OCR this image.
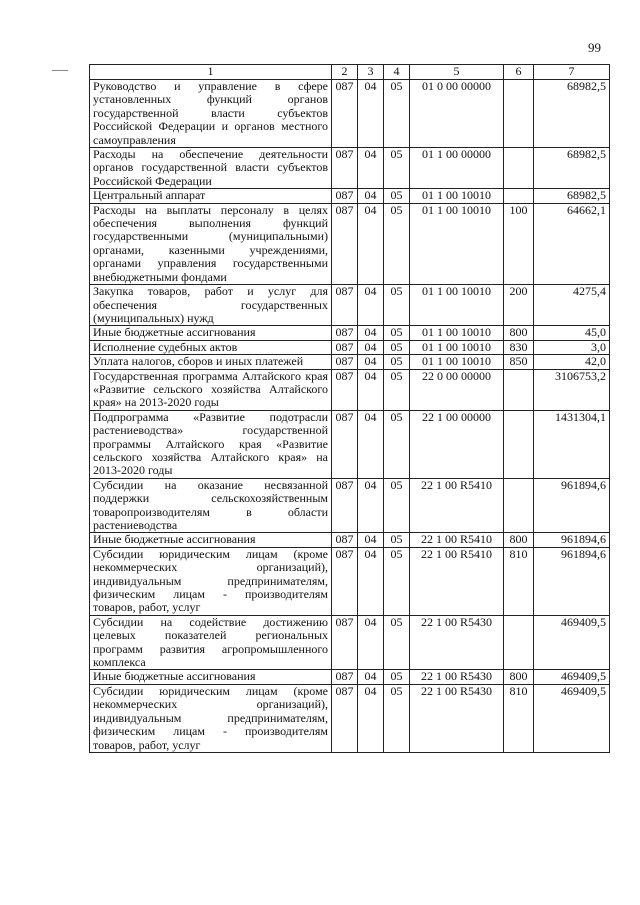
99
1	2	3	4	5	6	7
Руководство и управление в сфере установленных функций органов государственной власти субъектов Российской Федерации и органов местного самоуправления	087	04	05	01 0 00 00000		68982,5
Расходы на обеспечение деятельности органов государственной власти субъектов Российской Федерации	087	04	05	01 1 00 00000		68982,5
Центральный аппарат	087	04	05	01 1 00 10010		68982,5
Расходы на выплаты персоналу в целях обеспечения выполнения функций государственными (муниципальными) органами, казенными учреждениями, органами управления государственными внебюджетными фондами	087	04	05	01 1 00 10010	100	64662,1
Закупка товаров, работ и услуг для обеспечения государственных (муниципальных) нужд	087	04	05	01 1 00 10010	200	4275,4
Иные бюджетные ассигнования	087	04	05	01 1 00 10010	800	45,0
Исполнение судебных актов	087	04	05	01 1 00 10010	830	3,0
Уплата налогов, сборов и иных платежей	087	04	05	01 1 00 10010	850	42,0
Государственная программа Алтайского края «Развитие сельского хозяйства Алтайского края» на 2013-2020 годы	087	04	05	22 0 00 00000		3106753,2
Подпрограмма «Развитие подотрасли растениеводства» государственной программы Алтайского края «Развитие сельского хозяйства Алтайского края» на 2013-2020 годы	087	04	05	22 1 00 00000		1431304,1
Субсидии на оказание несвязанной поддержки сельскохозяйственным товаропроизводителям в области растениеводства	087	04	05	22 1 00 R5410		961894,6
Иные бюджетные ассигнования	087	04	05	22 1 00 R5410	800	961894,6
Субсидии юридическим лицам (кроме некоммерческих организаций), индивидуальным предпринимателям, физическим лицам - производителям товаров, работ, услуг	087	04	05	22 1 00 R5410	810	961894,6
Субсидии на содействие достижению целевых показателей региональных программ развития агропромышленного комплекса	087	04	05	22 1 00 R5430		469409,5
Иные бюджетные ассигнования	087	04	05	22 1 00 R5430	800	469409,5
Субсидии юридическим лицам (кроме некоммерческих организаций), индивидуальным предпринимателям, физическим лицам - производителям товаров, работ, услуг	087	04	05	22 1 00 R5430	810	469409,5
